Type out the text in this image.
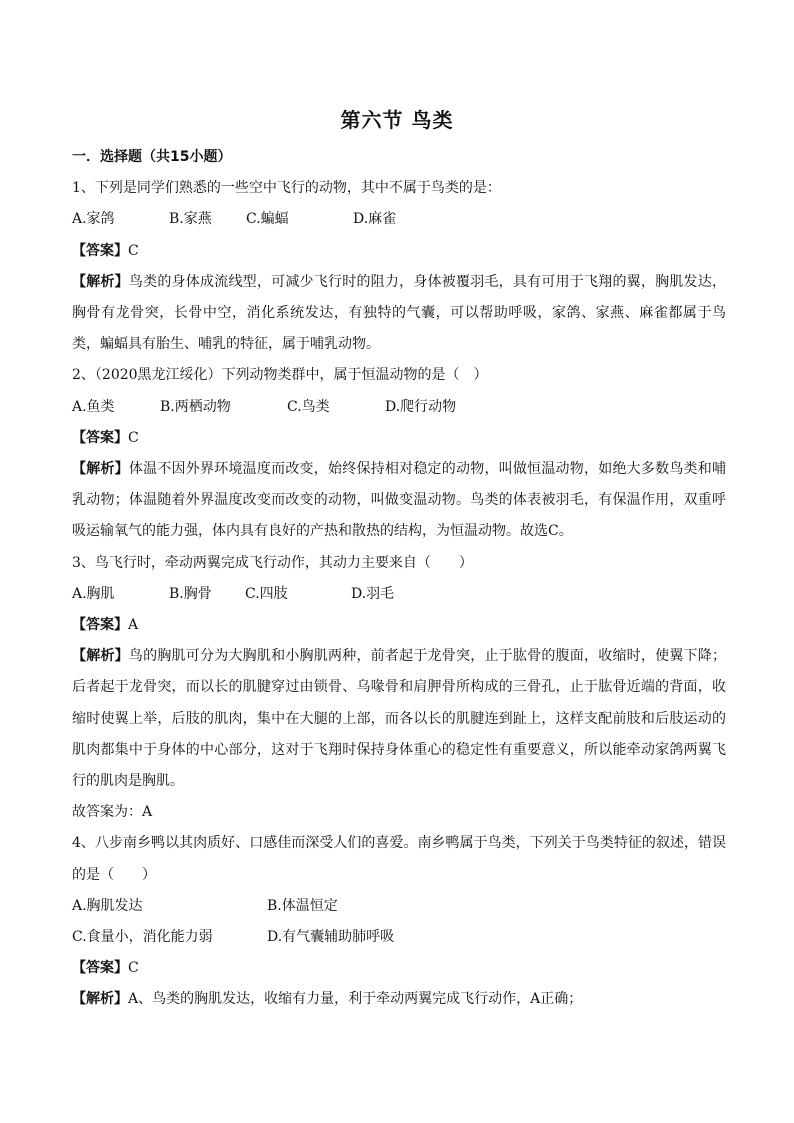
第六节 鸟类

一．选择题（共15小题）

1、下列是同学们熟悉的一些空中飞行的动物，其中不属于鸟类的是：

A.家鸽	B.家燕	C.蝙蝠	D.麻雀

【答案】C

【解析】鸟类的身体成流线型，可减少飞行时的阻力，身体被覆羽毛，具有可用于飞翔的翼，胸肌发达，胸骨有龙骨突，长骨中空，消化系统发达，有独特的气囊，可以帮助呼吸，家鸽、家燕、麻雀都属于鸟类，蝙蝠具有胎生、哺乳的特征，属于哺乳动物。

2、（2020黑龙江绥化）下列动物类群中，属于恒温动物的是（　）

A.鱼类	B.两栖动物	C.鸟类	D.爬行动物

【答案】C

【解析】体温不因外界环境温度而改变，始终保持相对稳定的动物，叫做恒温动物，如绝大多数鸟类和哺乳动物；体温随着外界温度改变而改变的动物，叫做变温动物。鸟类的体表被羽毛，有保温作用，双重呼吸运输氧气的能力强，体内具有良好的产热和散热的结构，为恒温动物。故选C。

3、鸟飞行时，牵动两翼完成飞行动作，其动力主要来自（　　）

A.胸肌	B.胸骨	C.四肢	D.羽毛

【答案】A

【解析】鸟的胸肌可分为大胸肌和小胸肌两种，前者起于龙骨突，止于肱骨的腹面，收缩时，使翼下降；后者起于龙骨突，而以长的肌腱穿过由锁骨、乌喙骨和肩胛骨所构成的三骨孔，止于肱骨近端的背面，收缩时使翼上举，后肢的肌肉，集中在大腿的上部，而各以长的肌腱连到趾上，这样支配前肢和后肢运动的肌肉都集中于身体的中心部分，这对于飞翔时保持身体重心的稳定性有重要意义，所以能牵动家鸽两翼飞行的肌肉是胸肌。

故答案为：A

4、八步南乡鸭以其肉质好、口感佳而深受人们的喜爱。南乡鸭属于鸟类，下列关于鸟类特征的叙述，错误的是（　　）

A.胸肌发达	B.体温恒定
C.食量小，消化能力弱	D.有气囊辅助肺呼吸

【答案】C

【解析】A、鸟类的胸肌发达，收缩有力量，利于牵动两翼完成飞行动作，A正确；
